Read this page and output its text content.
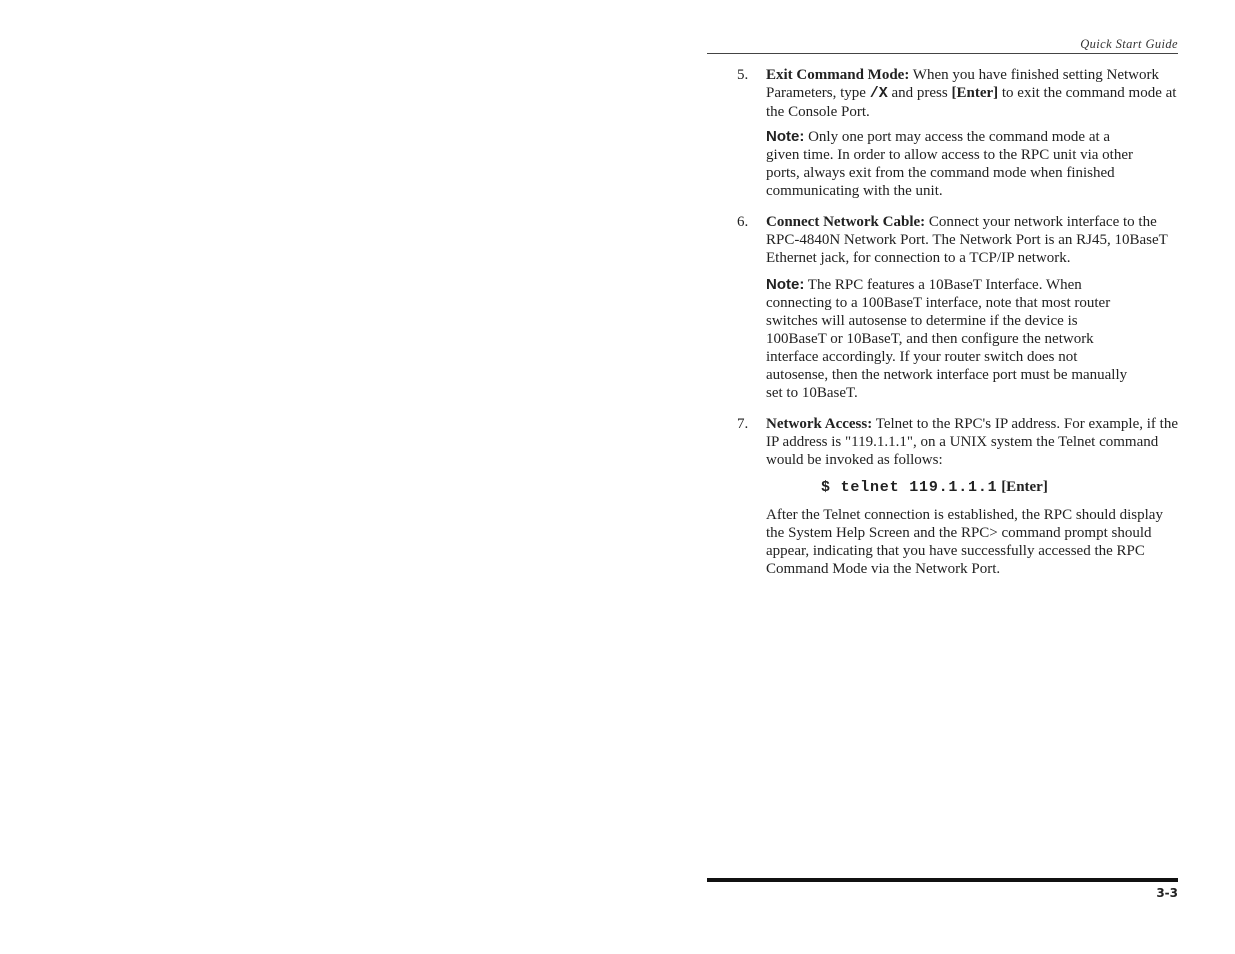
Quick Start Guide
5. Exit Command Mode: When you have finished setting Network Parameters, type /X and press [Enter] to exit the command mode at the Console Port.

Note: Only one port may access the command mode at a given time. In order to allow access to the RPC unit via other ports, always exit from the command mode when finished communicating with the unit.

6. Connect Network Cable: Connect your network interface to the RPC-4840N Network Port. The Network Port is an RJ45, 10BaseT Ethernet jack, for connection to a TCP/IP network.

Note: The RPC features a 10BaseT Interface. When connecting to a 100BaseT interface, note that most router switches will autosense to determine if the device is 100BaseT or 10BaseT, and then configure the network interface accordingly. If your router switch does not autosense, then the network interface port must be manually set to 10BaseT.

7. Network Access: Telnet to the RPC's IP address. For example, if the IP address is "119.1.1.1", on a UNIX system the Telnet command would be invoked as follows:

$ telnet 119.1.1.1 [Enter]

After the Telnet connection is established, the RPC should display the System Help Screen and the RPC> command prompt should appear, indicating that you have successfully accessed the RPC Command Mode via the Network Port.

3-3
